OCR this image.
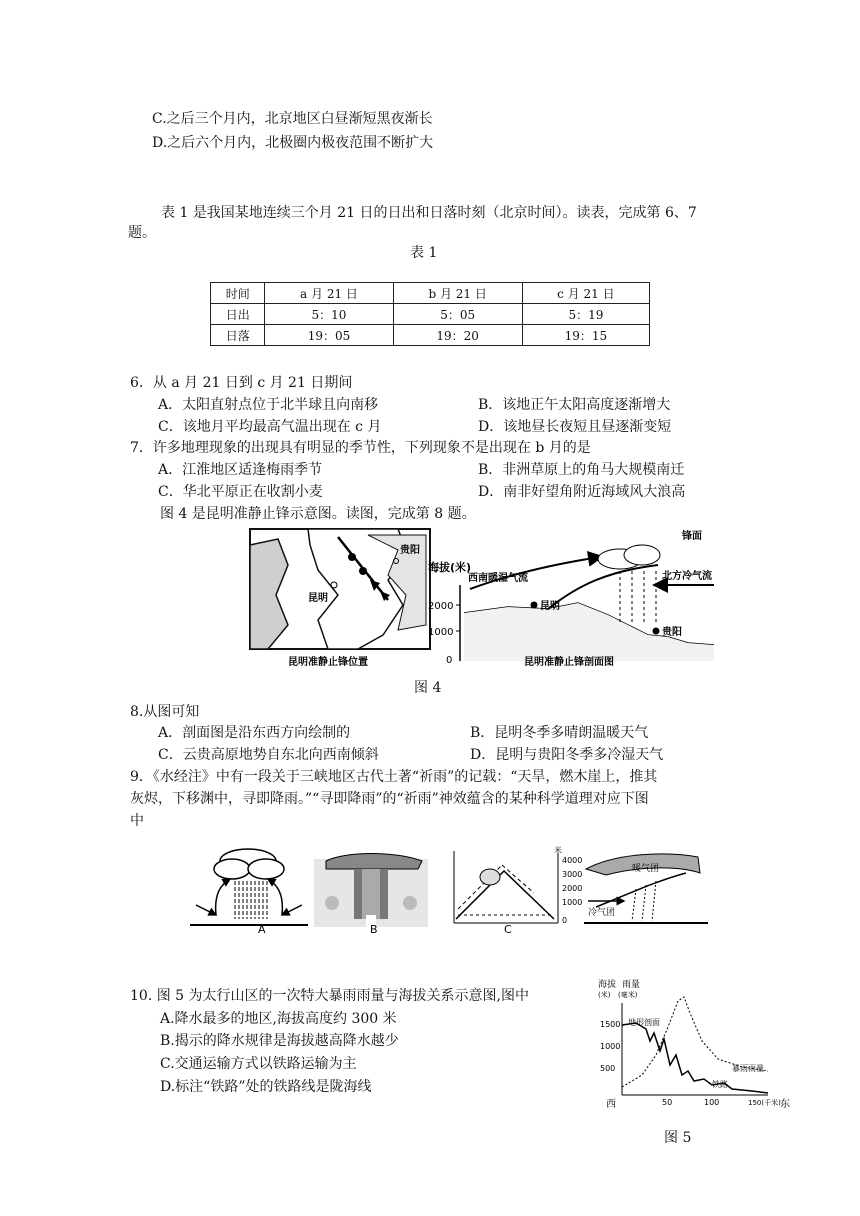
C.之后三个月内，北京地区白昼渐短黑夜渐长
D.之后六个月内，北极圈内极夜范围不断扩大
表 1 是我国某地连续三个月 21 日的日出和日落时刻（北京时间）。读表，完成第 6、7
题。
表 1
时间	a 月 21 日	b 月 21 日	c 月 21 日
日出	5：10	5：05	5：19
日落	19：05	19：20	19：15
6．从 a 月 21 日到 c 月 21 日期间
A．太阳直射点位于北半球且向南移	B．该地正午太阳高度逐渐增大
C．该地月平均最高气温出现在 c 月	D．该地昼长夜短且昼逐渐变短
7．许多地理现象的出现具有明显的季节性，下列现象不是出现在 b 月的是
A．江淮地区适逢梅雨季节	B．非洲草原上的角马大规模南迁
C．华北平原正在收割小麦	D．南非好望角附近海域风大浪高
图 4 是昆明准静止锋示意图。读图，完成第 8 题。
贵阳
昆明
昆明准静止锋位置
海拔(米)
2000
1000
0
锋面
西南暖湿气流	北方冷气流
昆明
贵阳
昆明准静止锋剖面图
图 4
8.从图可知
A．剖面图是沿东西方向绘制的	B．昆明冬季多晴朗温暖天气
C．云贵高原地势自东北向西南倾斜	D．昆明与贵阳冬季多冷湿天气
9．《水经注》中有一段关于三峡地区古代土著“祈雨”的记载：“天旱，燃木崖上，推其
灰烬，下移渊中，寻即降雨。”“寻即降雨”的“祈雨”神效蕴含的某种科学道理对应下图
中
A	B
米
4000
3000
2000
1000
0
C
暖气团
冷气团
10. 图 5 为太行山区的一次特大暴雨雨量与海拔关系示意图,图中
A.降水最多的地区,海拔高度约 300 米
B.揭示的降水规律是海拔越高降水越少
C.交通运输方式以铁路运输为主
D.标注“铁路”处的铁路线是陇海线
海拔
(米)
雨量
(毫米)
1500
1000
500
地形剖面
暴雨雨量
铁路
50	100	150(千米)
西	东
图 5
